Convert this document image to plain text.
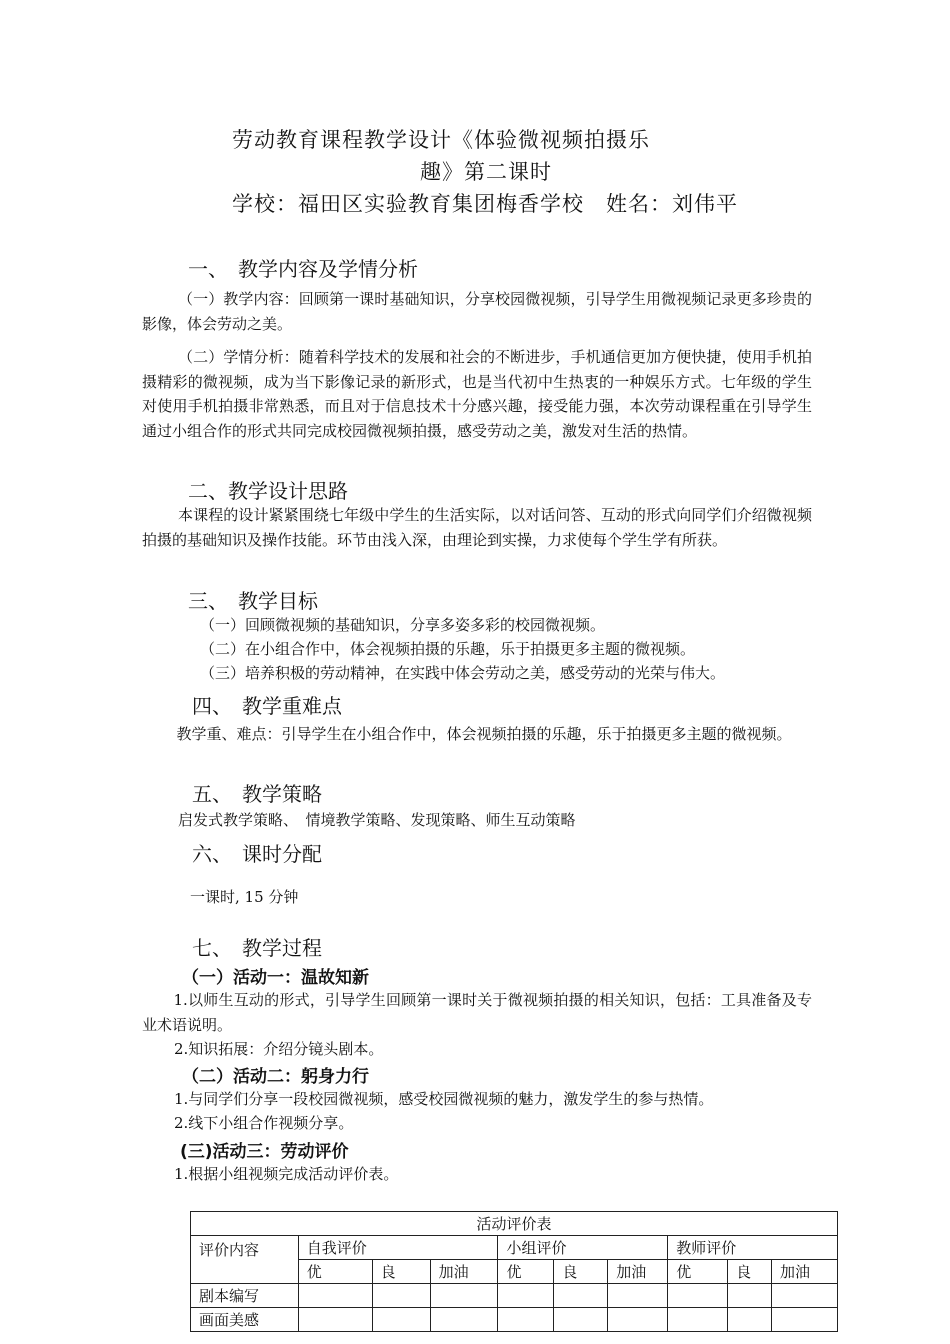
劳动教育课程教学设计《体验微视频拍摄乐
趣》第二课时
学校：福田区实验教育集团梅香学校　姓名：刘伟平
一、　教学内容及学情分析
（一）教学内容：回顾第一课时基础知识，分享校园微视频，引导学生用微视频记录更多珍贵的影像，体会劳动之美。
（二）学情分析：随着科学技术的发展和社会的不断进步，手机通信更加方便快捷，使用手机拍摄精彩的微视频，成为当下影像记录的新形式，也是当代初中生热衷的一种娱乐方式。七年级的学生对使用手机拍摄非常熟悉，而且对于信息技术十分感兴趣，接受能力强，本次劳动课程重在引导学生通过小组合作的形式共同完成校园微视频拍摄，感受劳动之美，激发对生活的热情。
二、教学设计思路
本课程的设计紧紧围绕七年级中学生的生活实际，以对话问答、互动的形式向同学们介绍微视频拍摄的基础知识及操作技能。环节由浅入深，由理论到实操，力求使每个学生学有所获。
三、　教学目标
（一）回顾微视频的基础知识，分享多姿多彩的校园微视频。
（二）在小组合作中，体会视频拍摄的乐趣，乐于拍摄更多主题的微视频。
（三）培养积极的劳动精神，在实践中体会劳动之美，感受劳动的光荣与伟大。
四、　教学重难点
教学重、难点：引导学生在小组合作中，体会视频拍摄的乐趣，乐于拍摄更多主题的微视频。
五、　教学策略
启发式教学策略、　情境教学策略、发现策略、师生互动策略
六、　课时分配
一课时, 15 分钟
七、　教学过程
（一）活动一：温故知新
1.以师生互动的形式，引导学生回顾第一课时关于微视频拍摄的相关知识，包括：工具准备及专业术语说明。
2.知识拓展：介绍分镜头剧本。
（二）活动二：躬身力行
1.与同学们分享一段校园微视频，感受校园微视频的魅力，激发学生的参与热情。
2.线下小组合作视频分享。
(三)活动三：劳动评价
1.根据小组视频完成活动评价表。
活动评价表									
评价内容	自我评价			小组评价			教师评价		
	优	良	加油	优	良	加油	优	良	加油
剧本编写									
画面美感									
